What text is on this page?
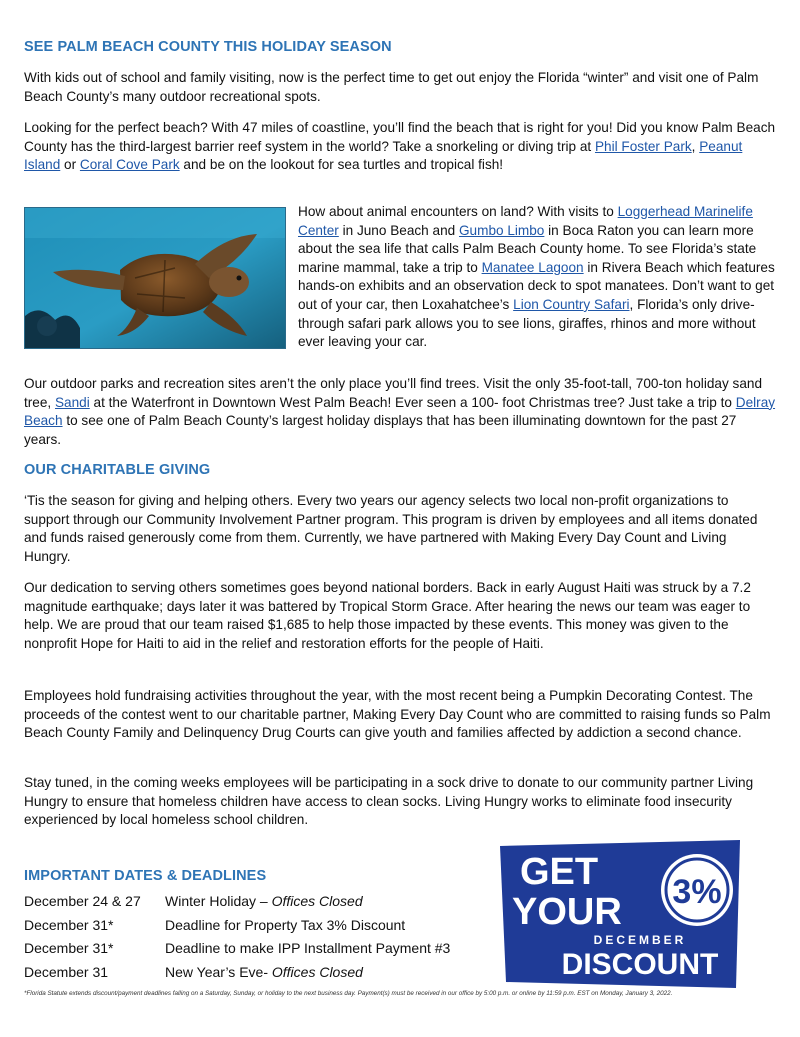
SEE PALM BEACH COUNTY THIS HOLIDAY SEASON

With kids out of school and family visiting, now is the perfect time to get out enjoy the Florida “winter” and visit one of Palm Beach County’s many outdoor recreational spots.

Looking for the perfect beach? With 47 miles of coastline, you’ll find the beach that is right for you! Did you know Palm Beach County has the third-largest barrier reef system in the world? Take a snorkeling or diving trip at Phil Foster Park, Peanut Island or Coral Cove Park and be on the lookout for sea turtles and tropical fish!

How about animal encounters on land? With visits to Loggerhead Marinelife Center in Juno Beach and Gumbo Limbo in Boca Raton you can learn more about the sea life that calls Palm Beach County home. To see Florida’s state marine mammal, take a trip to Manatee Lagoon in Rivera Beach which features hands-on exhibits and an observation deck to spot manatees. Don’t want to get out of your car, then Loxahatchee’s Lion Country Safari, Florida’s only drive-through safari park allows you to see lions, giraffes, rhinos and more without ever leaving your car.

Our outdoor parks and recreation sites aren’t the only place you’ll find trees. Visit the only 35-foot-tall, 700-ton holiday sand tree, Sandi at the Waterfront in Downtown West Palm Beach! Ever seen a 100- foot Christmas tree? Just take a trip to Delray Beach to see one of Palm Beach County’s largest holiday displays that has been illuminating downtown for the past 27 years.

OUR CHARITABLE GIVING

‘Tis the season for giving and helping others. Every two years our agency selects two local non-profit organizations to support through our Community Involvement Partner program. This program is driven by employees and all items donated and funds raised generously come from them. Currently, we have partnered with Making Every Day Count and Living Hungry.

Our dedication to serving others sometimes goes beyond national borders. Back in early August Haiti was struck by a 7.2 magnitude earthquake; days later it was battered by Tropical Storm Grace. After hearing the news our team was eager to help. We are proud that our team raised $1,685 to help those impacted by these events. This money was given to the nonprofit Hope for Haiti to aid in the relief and restoration efforts for the people of Haiti.

Employees hold fundraising activities throughout the year, with the most recent being a Pumpkin Decorating Contest. The proceeds of the contest went to our charitable partner, Making Every Day Count who are committed to raising funds so Palm Beach County Family and Delinquency Drug Courts can give youth and families affected by addiction a second chance.

Stay tuned, in the coming weeks employees will be participating in a sock drive to donate to our community partner Living Hungry to ensure that homeless children have access to clean socks. Living Hungry works to eliminate food insecurity experienced by local homeless school children.

IMPORTANT DATES & DEADLINES
December 24 & 27 Winter Holiday – Offices Closed
December 31*	Deadline for Property Tax 3% Discount
December 31*	Deadline to make IPP Installment Payment #3
December 31	New Year’s Eve- Offices Closed
*Florida Statute extends discount/payment deadlines falling on a Saturday, Sunday, or holiday to the next business day. Payment(s) must be received in our office by 5:00 p.m. or online by 11:59 p.m. EST on Monday, January 3, 2022.
GET
YOUR 3%
DECEMBER
DISCOUNT
